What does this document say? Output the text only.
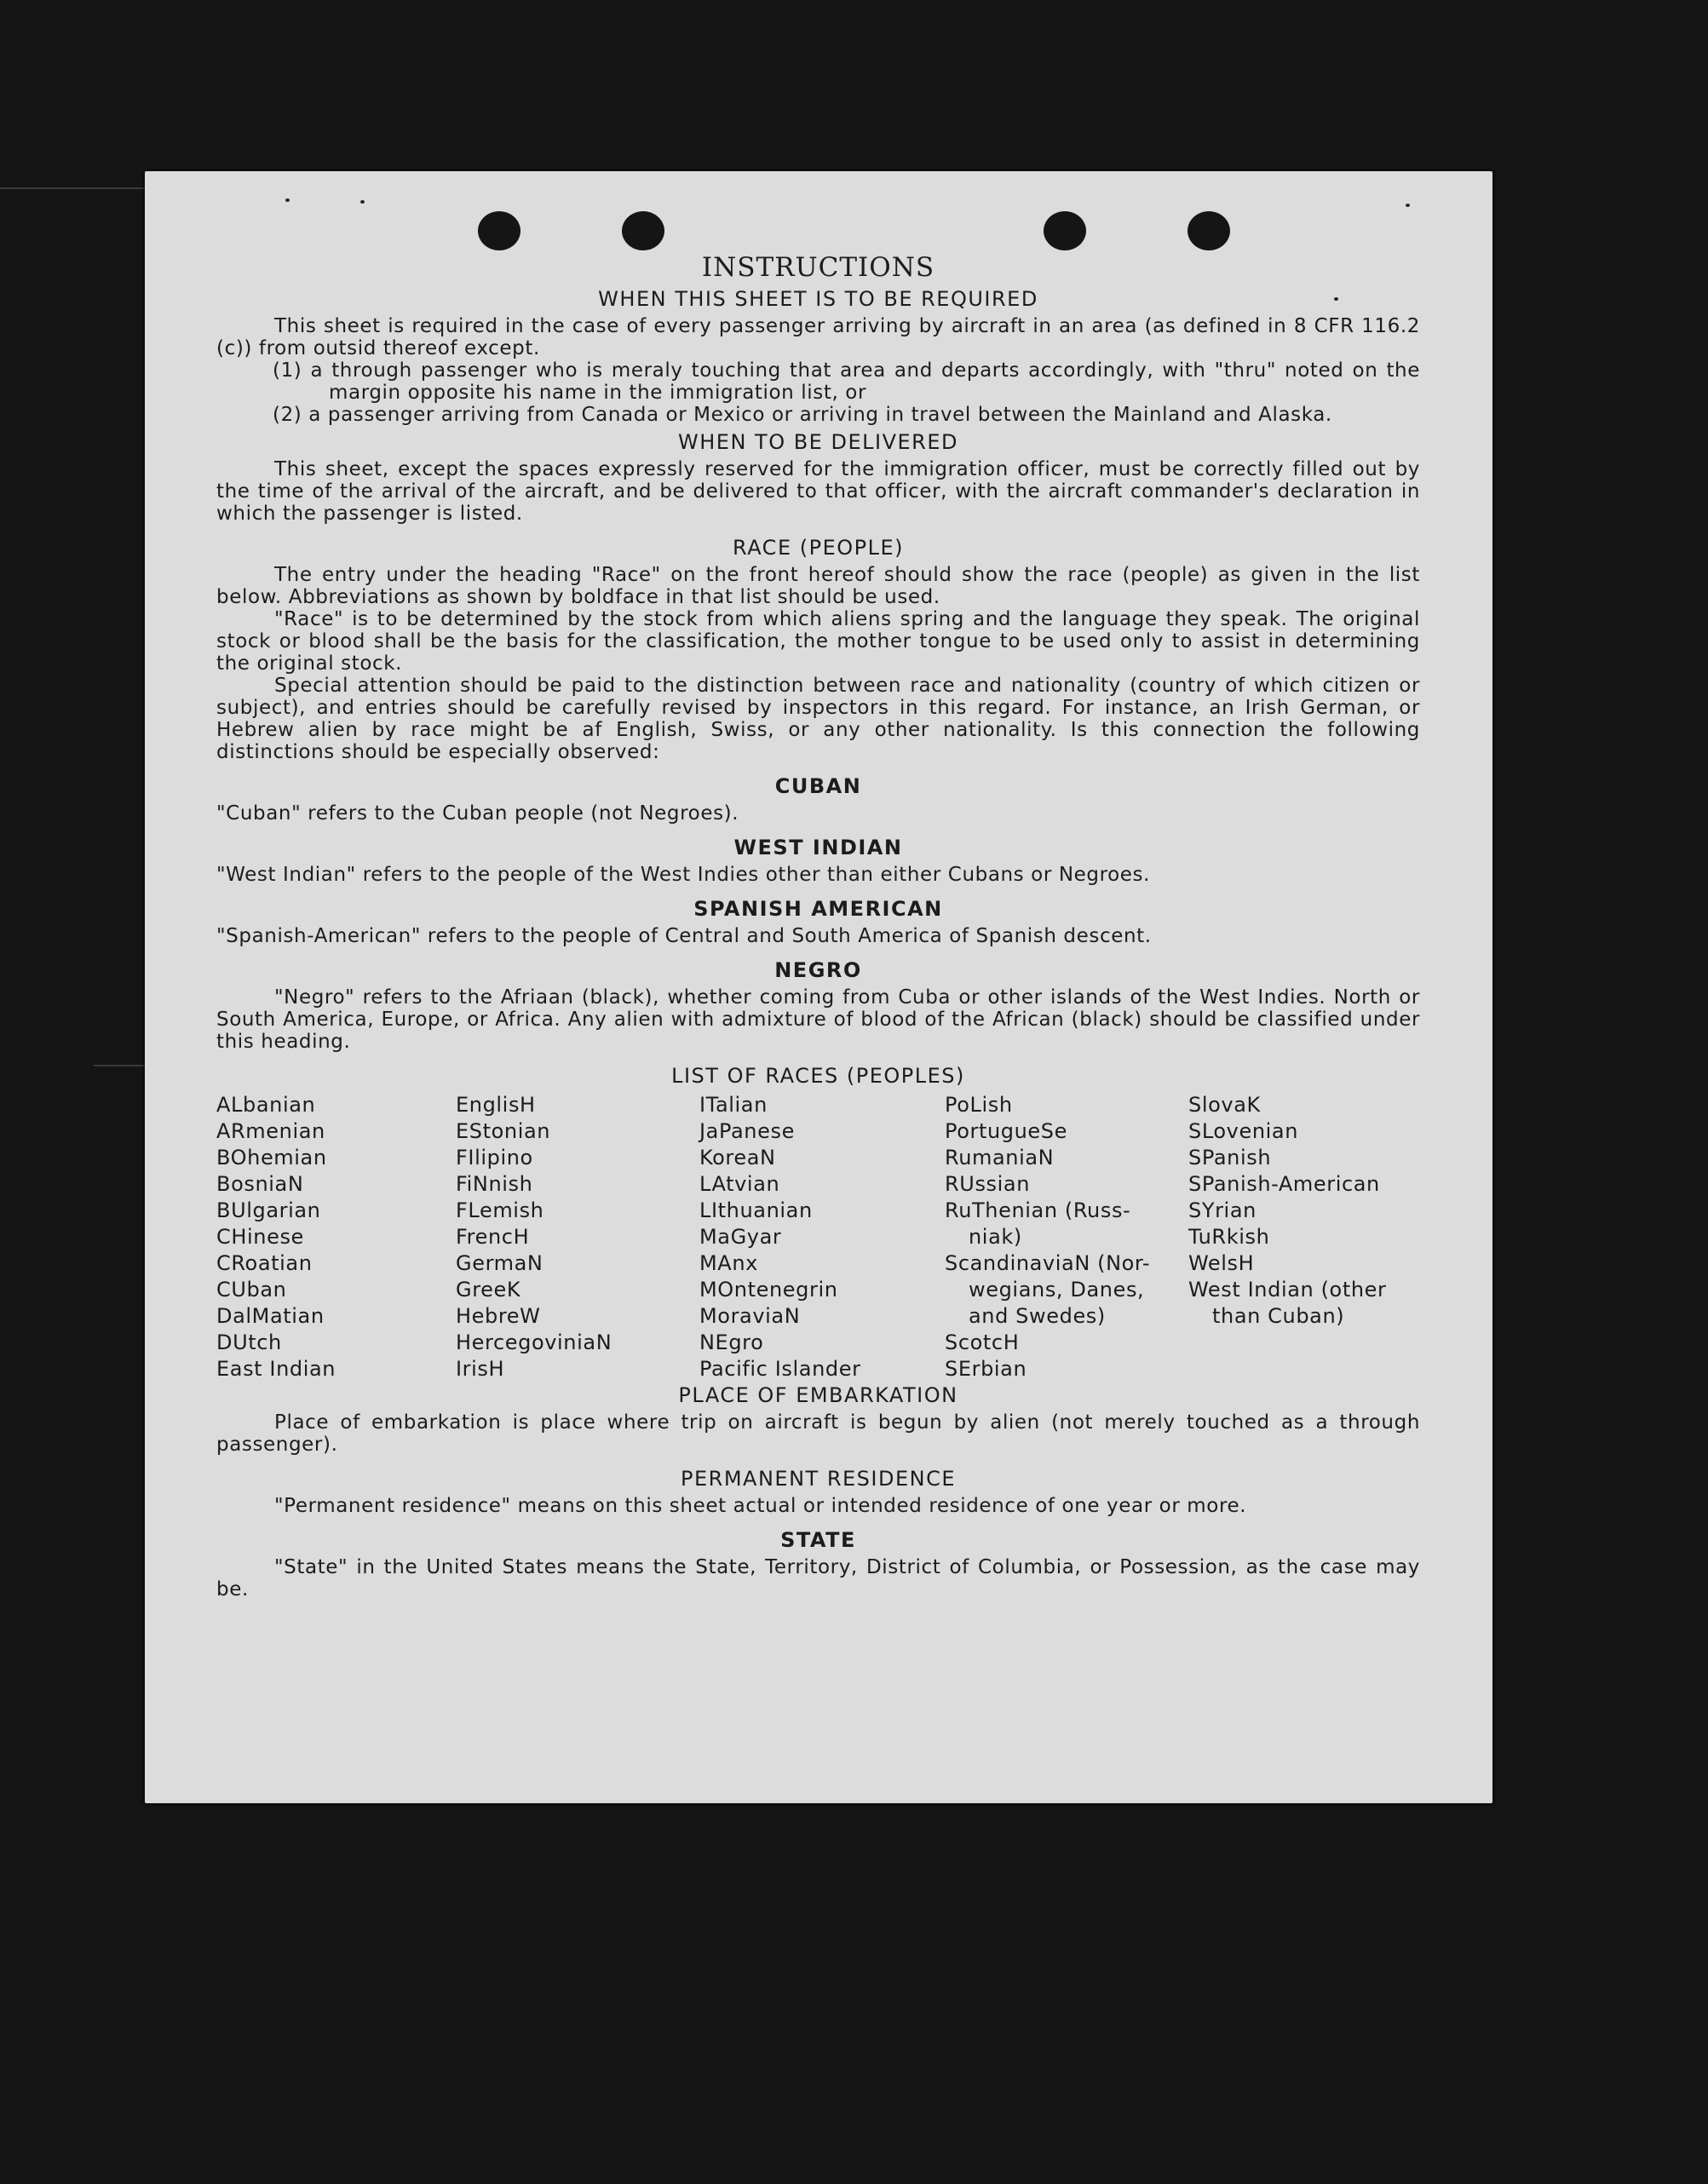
INSTRUCTIONS
WHEN THIS SHEET IS TO BE REQUIRED

This sheet is required in the case of every passenger arriving by aircraft in an area (as defined in 8 CFR 116.2 (c)) from outsid thereof except.

(1) a through passenger who is meraly touching that area and departs accordingly, with "thru" noted on the margin opposite his name in the immigration list, or

(2) a passenger arriving from Canada or Mexico or arriving in travel between the Mainland and Alaska.

WHEN TO BE DELIVERED

This sheet, except the spaces expressly reserved for the immigration officer, must be correctly filled out by the time of the arrival of the aircraft, and be delivered to that officer, with the aircraft commander's declaration in which the passenger is listed.

RACE (PEOPLE)

The entry under the heading "Race" on the front hereof should show the race (people) as given in the list below. Abbreviations as shown by boldface in that list should be used.

"Race" is to be determined by the stock from which aliens spring and the language they speak. The original stock or blood shall be the basis for the classification, the mother tongue to be used only to assist in determining the original stock.

Special attention should be paid to the distinction between race and nationality (country of which citizen or subject), and entries should be carefully revised by inspectors in this regard. For instance, an Irish German, or Hebrew alien by race might be af English, Swiss, or any other nationality. Is this connection the following distinctions should be especially observed:

CUBAN

"Cuban" refers to the Cuban people (not Negroes).

WEST INDIAN

"West Indian" refers to the people of the West Indies other than either Cubans or Negroes.

SPANISH AMERICAN

"Spanish-American" refers to the people of Central and South America of Spanish descent.

NEGRO

"Negro" refers to the Afriaan (black), whether coming from Cuba or other islands of the West Indies. North or South America, Europe, or Africa. Any alien with admixture of blood of the African (black) should be classified under this heading.

LIST OF RACES (PEOPLES)
ALbanian
ARmenian
BOhemian
BosniaN
BUlgarian
CHinese
CRoatian
CUban
DalMatian
DUtch
East Indian
EnglisH
EStonian
FIlipino
FiNnish
FLemish
FrencH
GermaN
GreeK
HebreW
HercegoviniaN
IrisH
ITalian
JaPanese
KoreaN
LAtvian
LIthuanian
MaGyar
MAnx
MOntenegrin
MoraviaN
NEgro
Pacific Islander
PoLish
PortugueSe
RumaniaN
RUssian
RuThenian (Russ-
niak)
ScandinaviaN (Nor-
wegians, Danes,
and Swedes)
ScotcH
SErbian
SlovaK
SLovenian
SPanish
SPanish-American
SYrian
TuRkish
WelsH
West Indian (other
than Cuban)
PLACE OF EMBARKATION

Place of embarkation is place where trip on aircraft is begun by alien (not merely touched as a through passenger).

PERMANENT RESIDENCE

"Permanent residence" means on this sheet actual or intended residence of one year or more.

STATE

"State" in the United States means the State, Territory, District of Columbia, or Possession, as the case may be.
